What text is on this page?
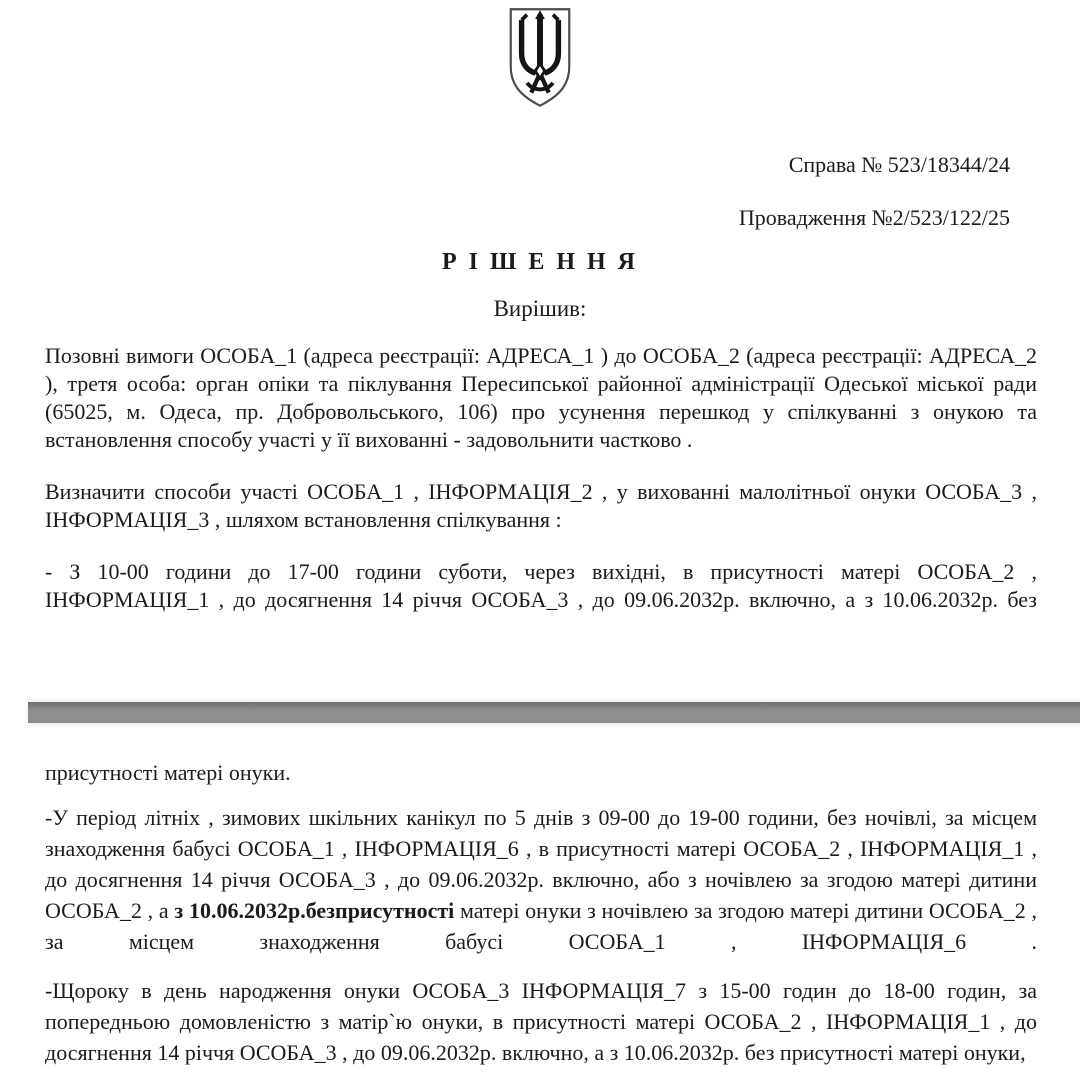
Справа № 523/18344/24
Провадження №2/523/122/25
Р І Ш Е Н Н Я
Вирішив:

Позовні вимоги ОСОБА_1 (адреса реєстрації: АДРЕСА_1 ) до ОСОБА_2 (адреса реєстрації: АДРЕСА_2 ), третя особа: орган опіки та піклування Пересипської районної адміністрації Одеської міської ради (65025, м. Одеса, пр. Добровольського, 106) про усунення перешкод у спілкуванні з онукою та встановлення способу участі у її вихованні - задовольнити частково .

Визначити способи участі ОСОБА_1 , ІНФОРМАЦІЯ_2 , у вихованні малолітньої онуки ОСОБА_3 , ІНФОРМАЦІЯ_3 , шляхом встановлення спілкування :

- З 10-00 години до 17-00 години суботи, через вихідні, в присутності матері ОСОБА_2 , ІНФОРМАЦІЯ_1 , до досягнення 14 річчя ОСОБА_3 , до 09.06.2032р. включно, а з 10.06.2032р. без

присутності матері онуки.

-У період літніх , зимових шкільних канікул по 5 днів з 09-00 до 19-00 години, без ночівлі, за місцем знаходження бабусі ОСОБА_1 , ІНФОРМАЦІЯ_6 , в присутності матері ОСОБА_2 , ІНФОРМАЦІЯ_1 , до досягнення 14 річчя ОСОБА_3 , до 09.06.2032р. включно, або з ночівлею за згодою матері дитини ОСОБА_2 , а з 10.06.2032р.безприсутності матері онуки з ночівлею за згодою матері дитини ОСОБА_2 , за місцем знаходження бабусі ОСОБА_1 , ІНФОРМАЦІЯ_6 .

-Щороку в день народження онуки ОСОБА_3 ІНФОРМАЦІЯ_7 з 15-00 годин до 18-00 годин, за попередньою домовленістю з матір`ю онуки, в присутності матері ОСОБА_2 , ІНФОРМАЦІЯ_1 , до досягнення 14 річчя ОСОБА_3 , до 09.06.2032р. включно, а з 10.06.2032р. без присутності матері онуки,
